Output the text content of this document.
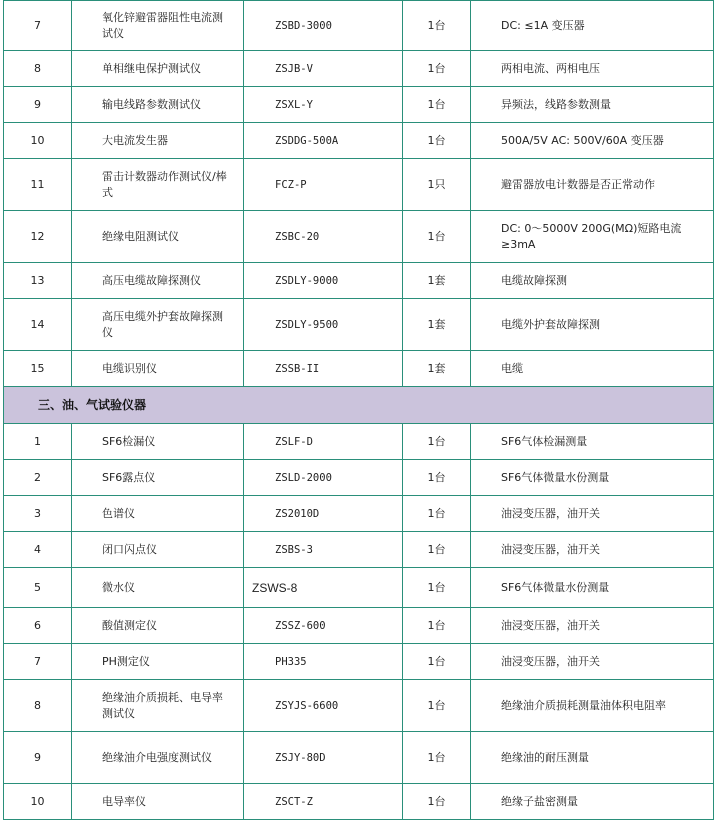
7	氧化锌避雷器阻性电流测试仪	ZSBD-3000	1台	DC: ≤1A 变压器
8	单相继电保护测试仪	ZSJB-V	1台	两相电流、两相电压
9	输电线路参数测试仪	ZSXL-Y	1台	异频法，线路参数测量
10	大电流发生器	ZSDDG-500A	1台	500A/5V AC: 500V/60A 变压器
11	雷击计数器动作测试仪/棒式	FCZ-P	1只	避雷器放电计数器是否正常动作
12	绝缘电阻测试仪	ZSBC-20	1台	DC: 0～5000V 200G(MΩ)短路电流≥3mA
13	高压电缆故障探测仪	ZSDLY-9000	1套	电缆故障探测
14	高压电缆外护套故障探测仪	ZSDLY-9500	1套	电缆外护套故障探测
15	电缆识别仪	ZSSB-II	1套	电缆
三、油、气试验仪器				
1	SF6检漏仪	ZSLF-D	1台	SF6气体检漏测量
2	SF6露点仪	ZSLD-2000	1台	SF6气体微量水份测量
3	色谱仪	ZS2010D	1台	油浸变压器，油开关
4	闭口闪点仪	ZSBS-3	1台	油浸变压器，油开关
5	微水仪	ZSWS-8	1台	SF6气体微量水份测量
6	酸值测定仪	ZSSZ-600	1台	油浸变压器，油开关
7	PH测定仪	PH335	1台	油浸变压器，油开关
8	绝缘油介质损耗、电导率测试仪	ZSYJS-6600	1台	绝缘油介质损耗测量油体积电阻率
9	绝缘油介电强度测试仪	ZSJY-80D	1台	绝缘油的耐压测量
10	电导率仪	ZSCT-Z	1台	绝缘子盐密测量
